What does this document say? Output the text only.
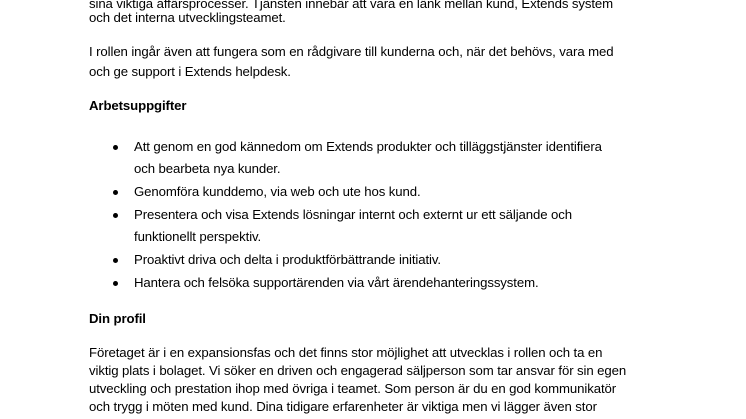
sina viktiga affärsprocesser. Tjänsten innebär att vara en länk mellan kund, Extends system
och det interna utvecklingsteamet.
I rollen ingår även att fungera som en rådgivare till kunderna och, när det behövs, vara med
och ge support i Extends helpdesk.
Arbetsuppgifter
Att genom en god kännedom om Extends produkter och tilläggstjänster identifiera
och bearbeta nya kunder.
Genomföra kunddemo, via web och ute hos kund.
Presentera och visa Extends lösningar internt och externt ur ett säljande och
funktionellt perspektiv.
Proaktivt driva och delta i produktförbättrande initiativ.
Hantera och felsöka supportärenden via vårt ärendehanteringssystem.
Din profil
Företaget är i en expansionsfas och det finns stor möjlighet att utvecklas i rollen och ta en
viktig plats i bolaget. Vi söker en driven och engagerad säljperson som tar ansvar för sin egen
utveckling och prestation ihop med övriga i teamet. Som person är du en god kommunikatör
och trygg i möten med kund. Dina tidigare erfarenheter är viktiga men vi lägger även stor
